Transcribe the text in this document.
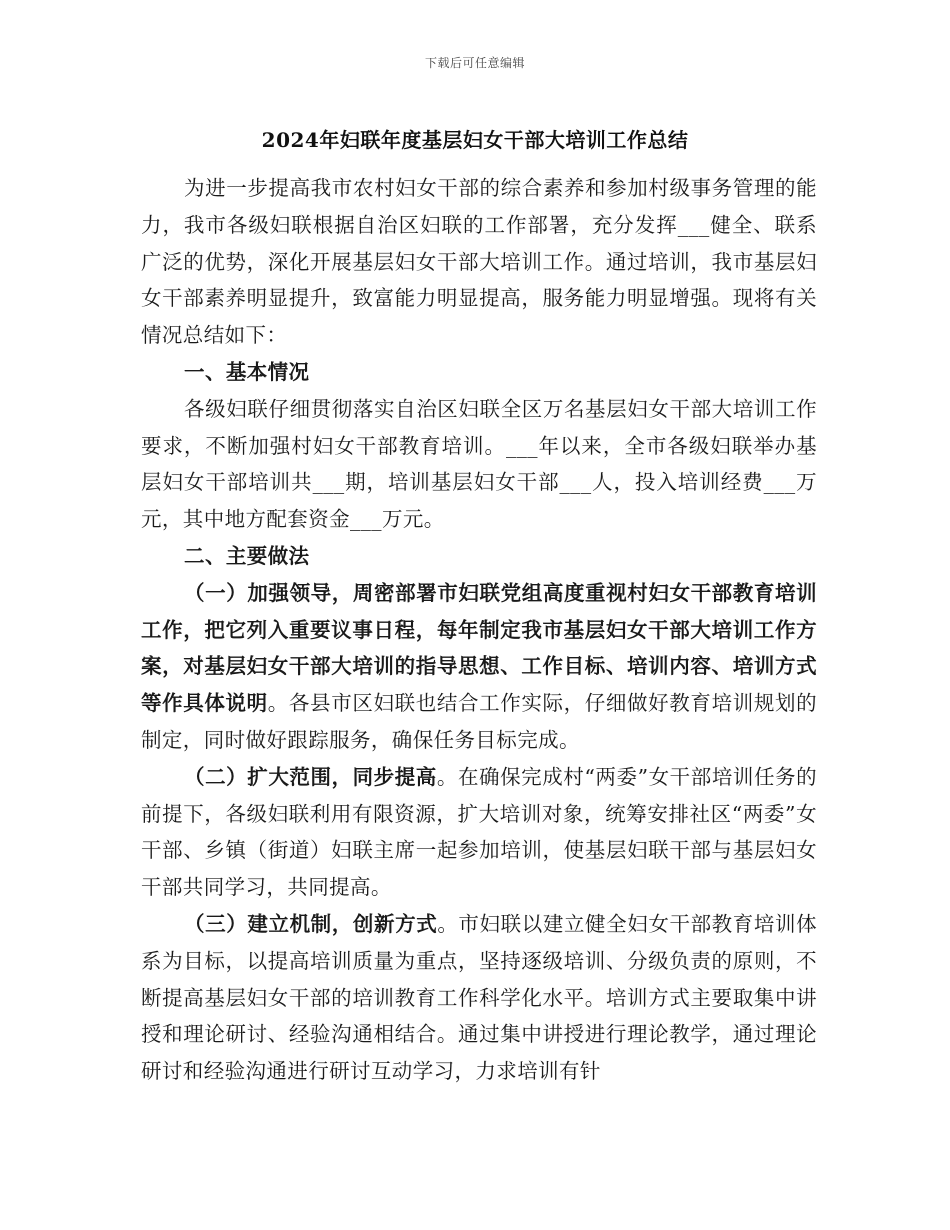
下载后可任意编辑
2024年妇联年度基层妇女干部大培训工作总结

为进一步提高我市农村妇女干部的综合素养和参加村级事务管理的能力，我市各级妇联根据自治区妇联的工作部署，充分发挥___健全、联系广泛的优势，深化开展基层妇女干部大培训工作。通过培训，我市基层妇女干部素养明显提升，致富能力明显提高，服务能力明显增强。现将有关情况总结如下：

一、基本情况

各级妇联仔细贯彻落实自治区妇联全区万名基层妇女干部大培训工作要求，不断加强村妇女干部教育培训。___年以来，全市各级妇联举办基层妇女干部培训共___期，培训基层妇女干部___人，投入培训经费___万元，其中地方配套资金___万元。

二、主要做法

（一）加强领导，周密部署市妇联党组高度重视村妇女干部教育培训工作，把它列入重要议事日程，每年制定我市基层妇女干部大培训工作方案，对基层妇女干部大培训的指导思想、工作目标、培训内容、培训方式等作具体说明。各县市区妇联也结合工作实际，仔细做好教育培训规划的制定，同时做好跟踪服务，确保任务目标完成。

（二）扩大范围，同步提高。在确保完成村“两委”女干部培训任务的前提下，各级妇联利用有限资源，扩大培训对象，统筹安排社区“两委”女干部、乡镇（街道）妇联主席一起参加培训，使基层妇联干部与基层妇女干部共同学习，共同提高。

（三）建立机制，创新方式。市妇联以建立健全妇女干部教育培训体系为目标，以提高培训质量为重点，坚持逐级培训、分级负责的原则，不断提高基层妇女干部的培训教育工作科学化水平。培训方式主要取集中讲授和理论研讨、经验沟通相结合。通过集中讲授进行理论教学，通过理论研讨和经验沟通进行研讨互动学习，力求培训有针
